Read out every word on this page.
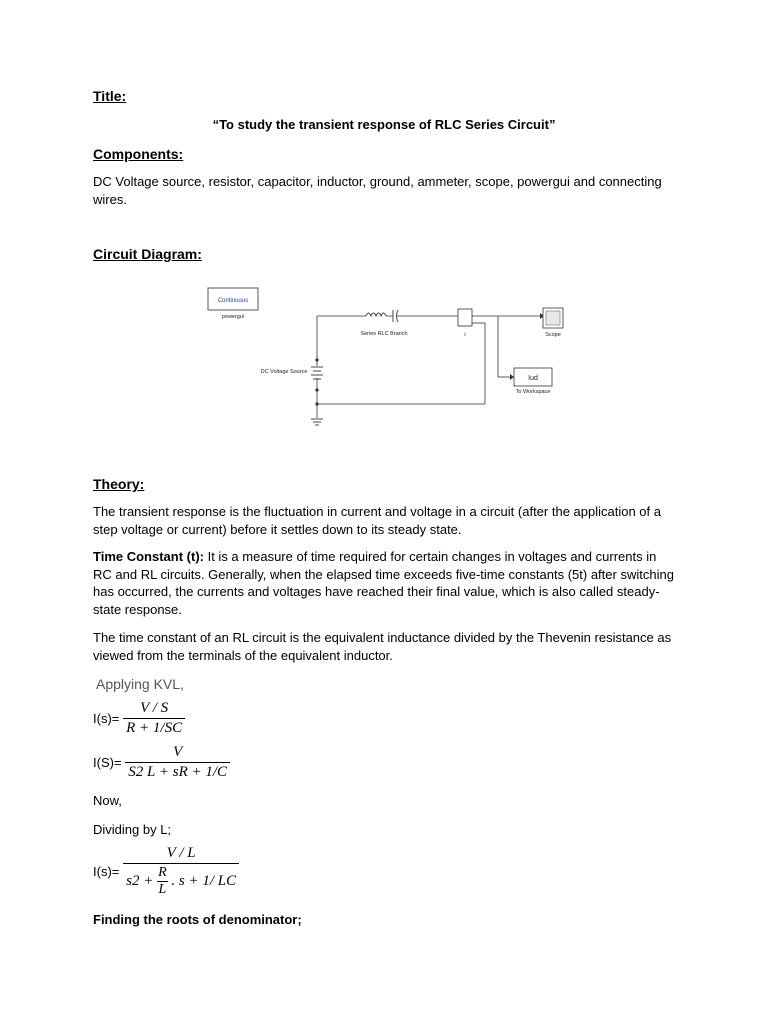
Title:
“To study the transient response of RLC Series Circuit”
Components:
DC Voltage source, resistor, capacitor, inductor, ground, ammeter, scope, powergui and connecting wires.
Circuit Diagram:
Continuous
powergui
Series RLC Branch	i	Scope
Iud
To Workspace
DC Voltage Source
Theory:
The transient response is the fluctuation in current and voltage in a circuit (after the application of a step voltage or current) before it settles down to its steady state.
Time Constant (t): It is a measure of time required for certain changes in voltages and currents in RC and RL circuits. Generally, when the elapsed time exceeds five-time constants (5t) after switching has occurred, the currents and voltages have reached their final value, which is also called steady-state response.
The time constant of an RL circuit is the equivalent inductance divided by the Thevenin resistance as viewed from the terminals of the equivalent inductor.
Applying KVL,
$I(s)= \frac{V / S}{R + 1/SC}$
$I(S)= \frac{V}{S2 L + sR + 1/C}$
Now,
Dividing by L;
$I(s)= \frac{V / L}{s2 + \frac{R}{L} . s + 1/ LC}$
Finding the roots of denominator;
